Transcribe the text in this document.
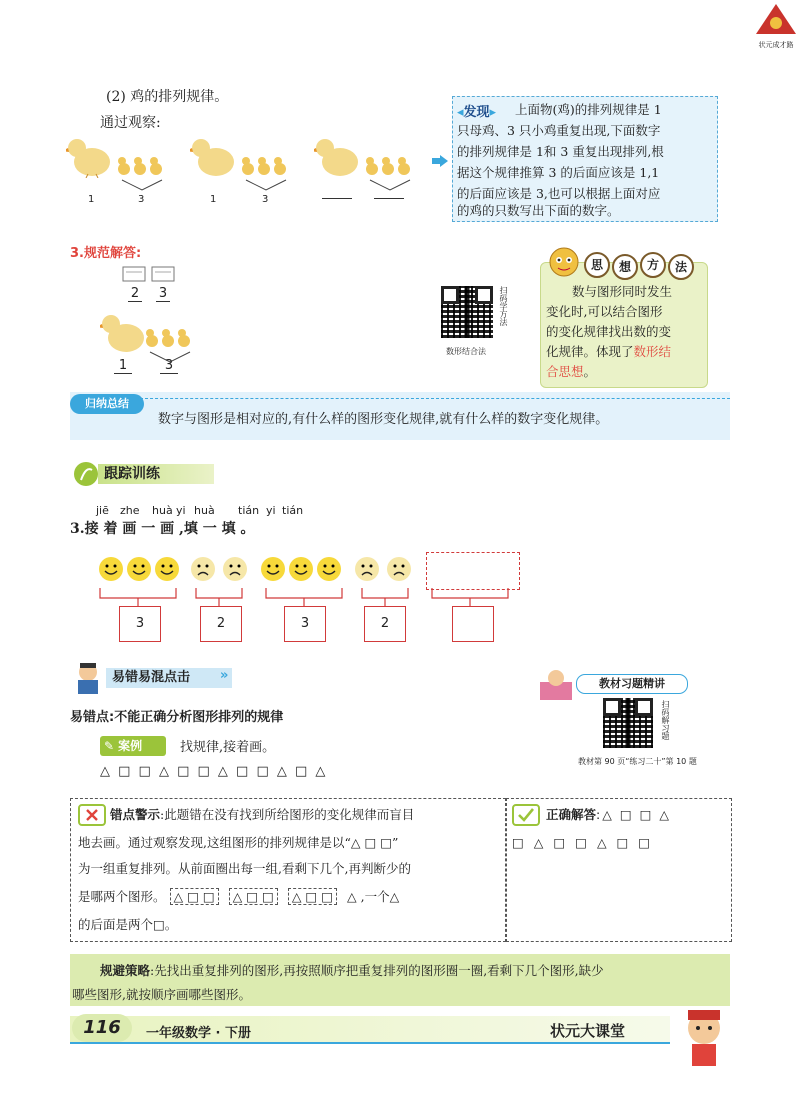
状元成才路
(2) 鸡的排列规律。
通过观察:
1	3	1	3
◂发现▸ 上面物(鸡)的排列规律是 1
只母鸡、3 只小鸡重复出现,下面数字
的排列规律是 1和 3 重复出现排列,根
据这个规律推算 3 的后面应该是 1,1
的后面应该是 3,也可以根据上面对应
的鸡的只数写出下面的数字。
3.规范解答:
2 3
1	3
扫码学方法
数形结合法
思	想	方	法
数与图形同时发生
变化时,可以结合图形
的变化规律找出数的变
化规律。体现了数形结
合思想。
归纳总结
数字与图形是相对应的,有什么样的图形变化规律,就有什么样的数字变化规律。
跟踪训练
jiē zhe huà yi huà tián yi tián
3.接 着 画 一 画 ,填 一 填 。
3	2	3	2
易错易混点击	»
教材习题精讲
扫码解习题
教材第 90 页“练习二十”第 10 题
易错点:不能正确分析图形排列的规律
✎ 案例	找规律,接着画。
△ □ □ △ □ □ △ □ □ △ □ △
错点警示:此题错在没有找到所给图形的变化规律而盲目
地去画。通过观察发现,这组图形的排列规律是以“△ □ □”
为一组重复排列。从前面圈出每一组,看剩下几个,再判断少的
是哪两个图形。 △ □ □ △ □ □ △ □ □ △ ,一个△
的后面是两个□。
正确解答:△ □ □ △
□ △ □ □ △ □ □
规避策略:先找出重复排列的图形,再按照顺序把重复排列的图形圈一圈,看剩下几个图形,缺少
哪些图形,就按顺序画哪些图形。
116	一年级数学 · 下册	状元大课堂
